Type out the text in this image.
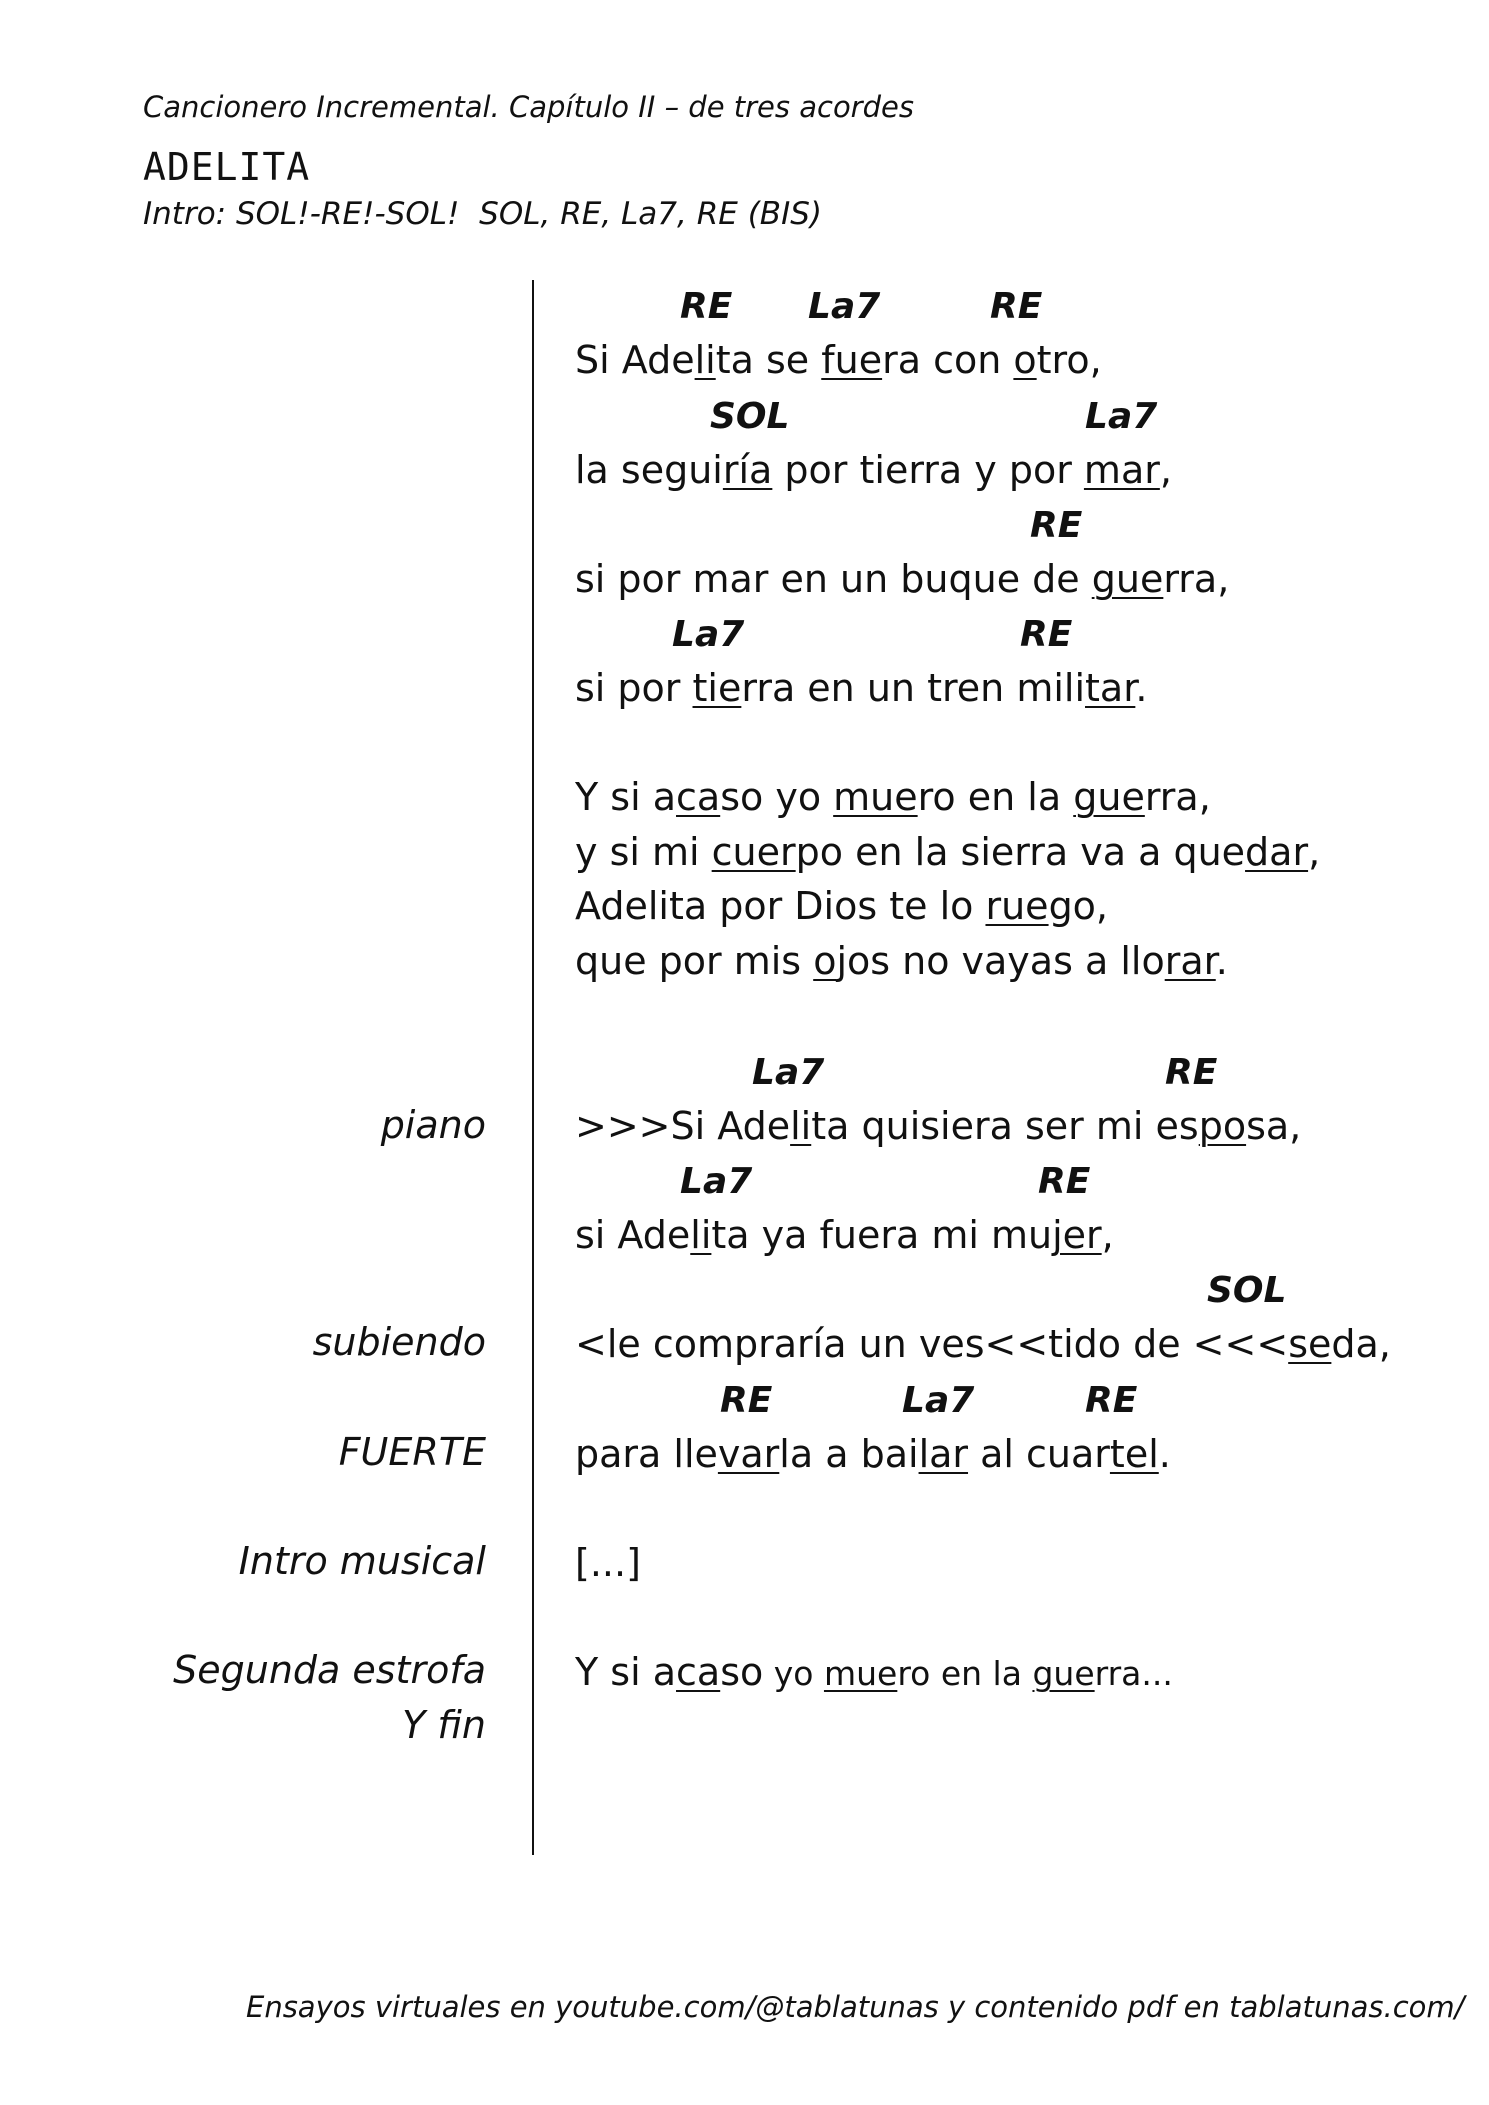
Cancionero Incremental. Capítulo II – de tres acordes
ADELITA
Intro: SOL!-RE!-SOL!  SOL, RE, La7, RE (BIS)
RE La7	RE
SOL	La7
RE
La7	RE
La7	RE
La7	RE
SOL
RE	La7	RE
Si Adelita se fuera con otro,
la seguiría por tierra y por mar,
si por mar en un buque de guerra,
si por tierra en un tren militar.
Y si acaso yo muero en la guerra,
y si mi cuerpo en la sierra va a quedar,
Adelita por Dios te lo ruego,
que por mis ojos no vayas a llorar.
>>>Si Adelita quisiera ser mi esposa,
si Adelita ya fuera mi mujer,
<le compraría un ves<<tido de <<<seda,
para llevarla a bailar al cuartel.
[...]
Y si acaso yo muero en la guerra...
piano
subiendo
FUERTE
Intro musical
Segunda estrofa
Y fin
Ensayos virtuales en youtube.com/@tablatunas y contenido pdf en tablatunas.com/
